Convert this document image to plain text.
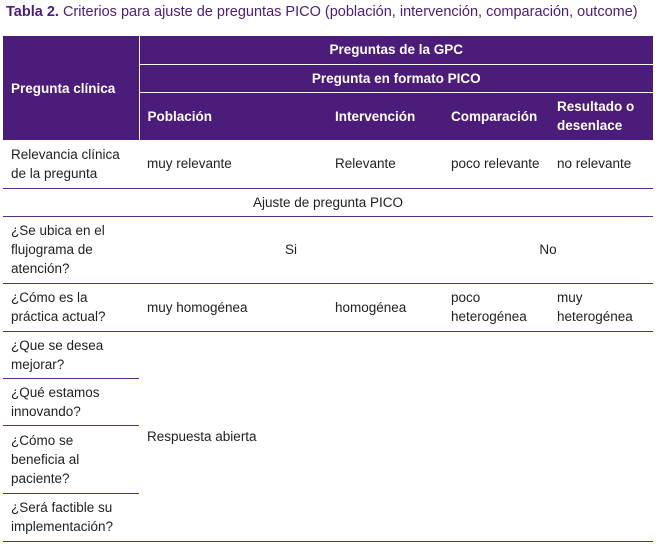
Tabla 2. Criterios para ajuste de preguntas PICO (población, intervención, comparación, outcome)
Pregunta clínica	Preguntas de la GPC			
	Pregunta en formato PICO			
	Población	Intervención	Comparación	Resultado o desenlace
Relevancia clínica de la pregunta	muy relevante	Relevante	poco relevante	no relevante
Ajuste de pregunta PICO				
¿Se ubica en el flujograma de atención?	Si		No	
¿Cómo es la práctica actual?	muy homogénea	homogénea	poco heterogénea	muy heterogénea
¿Que se desea mejorar?	Respuesta abierta			
¿Qué estamos innovando?				
¿Cómo se beneficia al paciente?				
¿Será factible su implementación?				
